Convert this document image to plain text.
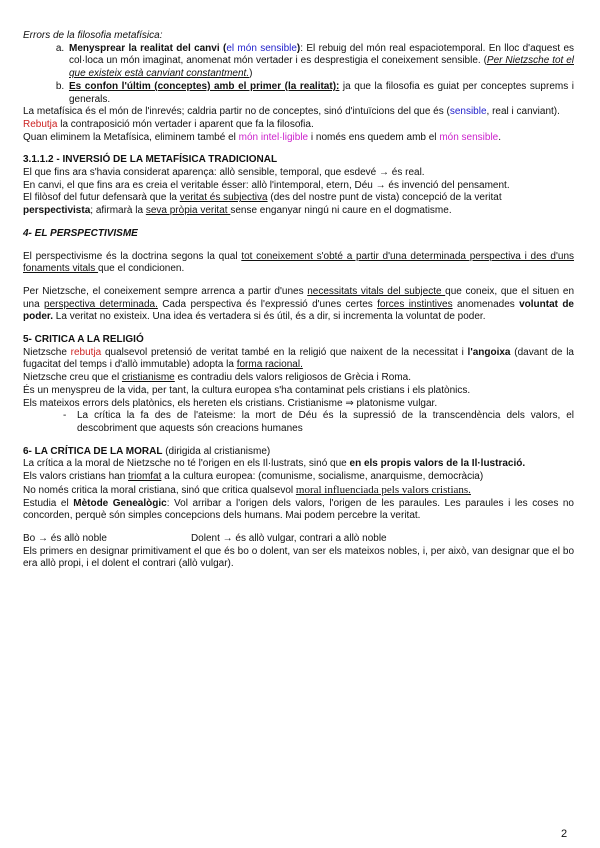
Errors de la filosofia metafísica:

a. Menysprear la realitat del canvi (el món sensible): El rebuig del món real espaciotemporal. En lloc d'aquest es col·loca un món imaginat, anomenat món vertader i es desprestigia el coneixement sensible. (Per Nietzsche tot el que existeix està canviant constantment.)
b. Es confon l'últim (conceptes) amb el primer (la realitat): ja que la filosofia es guiat per conceptes suprems i generals.

La metafísica és el món de l'inrevés; caldria partir no de conceptes, sinó d'intuïcions del que és (sensible, real i canviant).

Rebutja la contraposició món vertader i aparent que fa la filosofia.

Quan eliminem la Metafísica, eliminem també el món intel·ligible i només ens quedem amb el món sensible.

3.1.1.2 - INVERSIÓ DE LA METAFÍSICA TRADICIONAL

El que fins ara s'havia considerat aparença: allò sensible, temporal, que esdevé → és real.

En canvi, el que fins ara es creia el veritable ésser: allò l'intemporal, etern, Déu → és invenció del pensament.

El filòsof del futur defensarà que la veritat és subjectiva (des del nostre punt de vista) concepció de la veritat perspectivista; afirmarà la seva pròpia veritat sense enganyar ningú ni caure en el dogmatisme.

4- EL PERSPECTIVISME

El perspectivisme és la doctrina segons la qual tot coneixement s'obté a partir d'una determinada perspectiva i des d'uns fonaments vitals que el condicionen.

Per Nietzsche, el coneixement sempre arrenca a partir d'unes necessitats vitals del subjecte que coneix, que el situen en una perspectiva determinada. Cada perspectiva és l'expressió d'unes certes forces instintives anomenades voluntat de poder. La veritat no existeix. Una idea és vertadera si és útil, és a dir, si incrementa la voluntat de poder.

5- CRITICA A LA RELIGIÓ

Nietzsche rebutja qualsevol pretensió de veritat també en la religió que naixent de la necessitat i l'angoixa (davant de la fugacitat del temps i d'allò immutable) adopta la forma racional.

Nietzsche creu que el cristianisme es contradiu dels valors religiosos de Grècia i Roma.

És un menyspreu de la vida, per tant, la cultura europea s'ha contaminat pels cristians i els platònics.

Els mateixos errors dels platònics, els hereten els cristians. Cristianisme ⇒ platonisme vulgar.

- La crítica la fa des de l'ateisme: la mort de Déu és la supressió de la transcendència dels valors, el descobriment que aquests són creacions humanes

6- LA CRÍTICA DE LA MORAL (dirigida al cristianisme)

La crítica a la moral de Nietzsche no té l'origen en els Il·lustrats, sinó que en els propis valors de la Il·lustració.

Els valors cristians han triomfat a la cultura europea: (comunisme, socialisme, anarquisme, democràcia)

No només critica la moral cristiana, sinó que critica qualsevol moral influenciada pels valors cristians.

Estudia el Mètode Genealògic: Vol arribar a l'origen dels valors, l'origen de les paraules. Les paraules i les coses no concorden, perquè són simples concepcions dels humans. Mai podem percebre la veritat.

Bo → és allò noble	Dolent → és allò vulgar, contrari a allò noble

Els primers en designar primitivament el que és bo o dolent, van ser els mateixos nobles, i, per això, van designar que el bo era allò propi, i el dolent el contrari (allò vulgar).

2
